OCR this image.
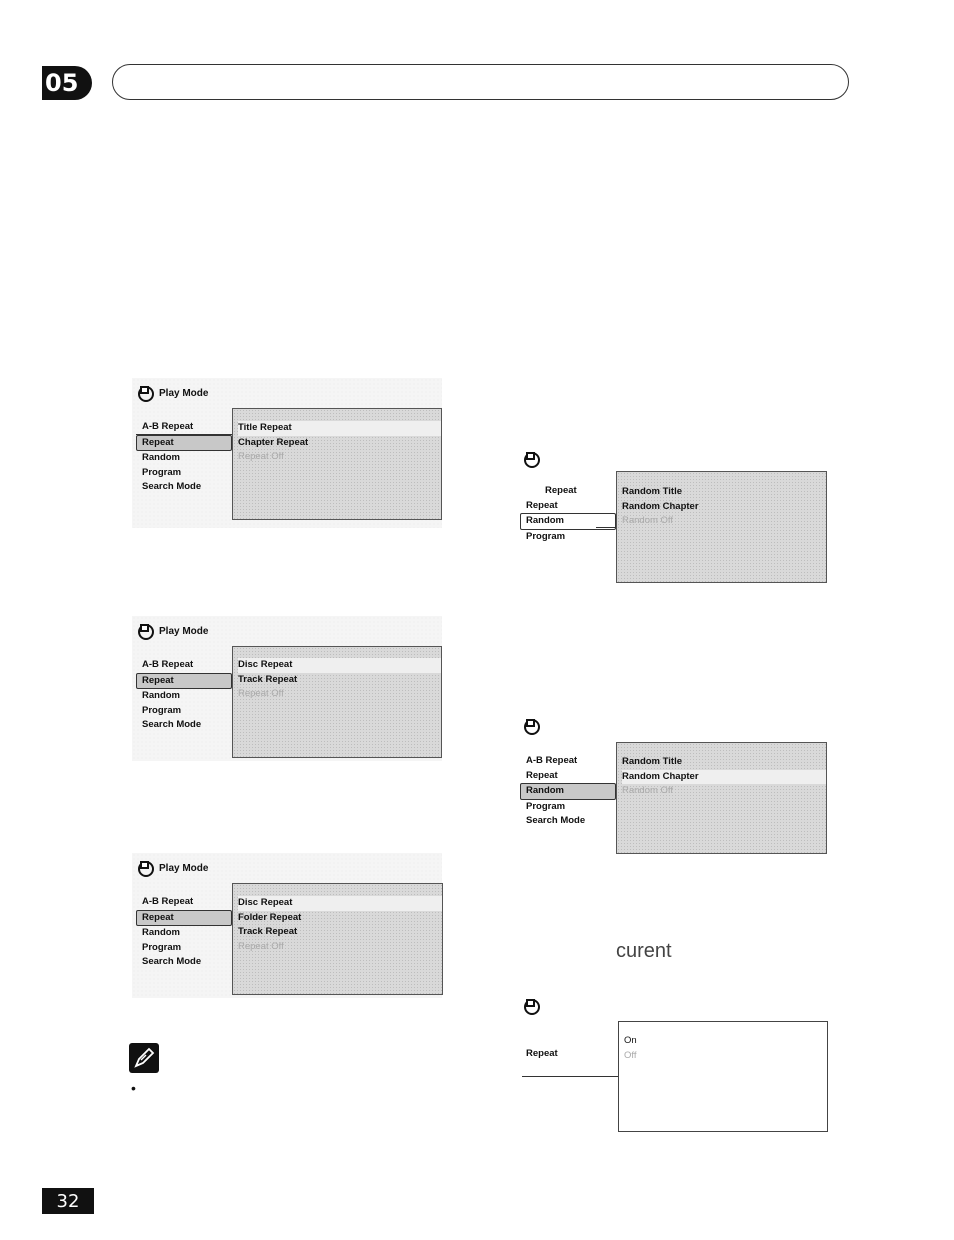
05
Play Mode
A-B Repeat
Repeat
Random
Program
Search Mode
Title Repeat
Chapter Repeat
Repeat Off
Play Mode
A-B Repeat
Repeat
Random
Program
Search Mode
Disc Repeat
Track Repeat
Repeat Off
Play Mode
A-B Repeat
Repeat
Random
Program
Search Mode
Disc Repeat
Folder Repeat
Track Repeat
Repeat Off
Repeat
Repeat
Random
Program
Random Title
Random Chapter
Random Off
A-B Repeat
Repeat
Random
Program
Search Mode
Random Title
Random Chapter
Random Off
curent
Repeat
On
Off
•
32
